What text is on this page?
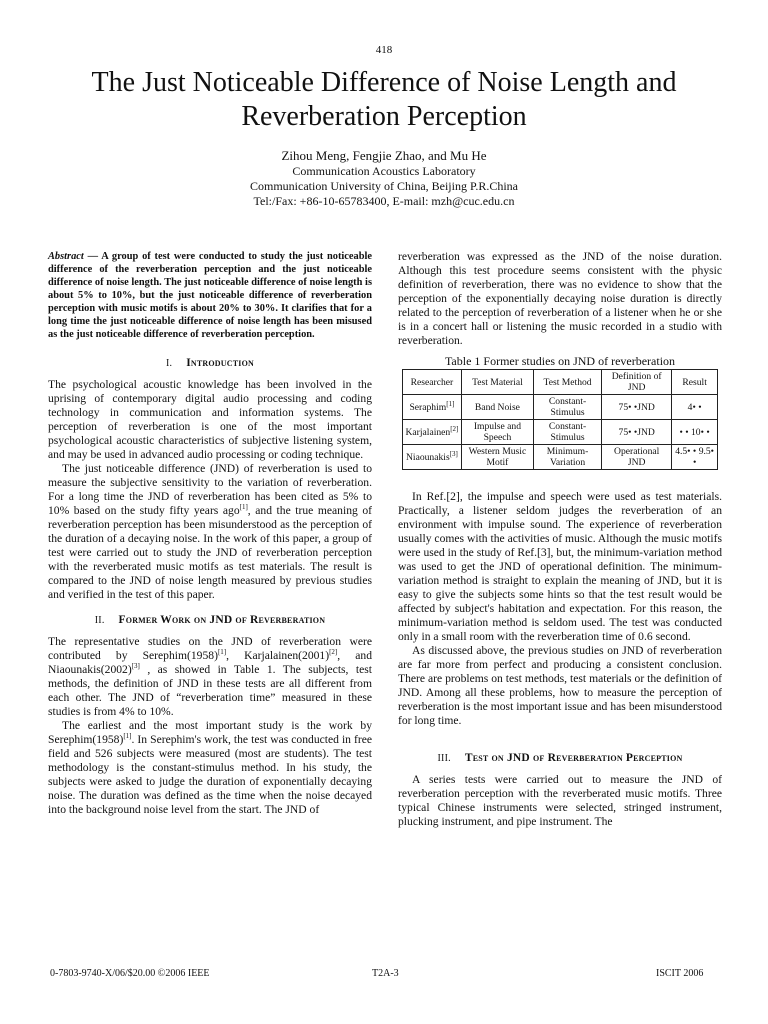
418
The Just Noticeable Difference of Noise Length and Reverberation Perception
Zihou Meng, Fengjie Zhao, and Mu He
Communication Acoustics Laboratory
Communication University of China, Beijing P.R.China
Tel:/Fax: +86-10-65783400, E-mail: mzh@cuc.edu.cn

Abstract — A group of test were conducted to study the just noticeable difference of the reverberation perception and the just noticeable difference of noise length. The just noticeable difference of noise length is about 5% to 10%, but the just noticeable difference of reverberation perception with music motifs is about 20% to 30%. It clarifies that for a long time the just noticeable difference of noise length has been misused as the just noticeable difference of reverberation perception.

I. Introduction

The psychological acoustic knowledge has been involved in the uprising of contemporary digital audio processing and coding technology in communication and information systems. The perception of reverberation is one of the most important psychological acoustic characteristics of subjective listening system, and may be used in advanced audio processing or coding technique.

The just noticeable difference (JND) of reverberation is used to measure the subjective sensitivity to the variation of reverberation. For a long time the JND of reverberation has been cited as 5% to 10% based on the study fifty years ago[1], and the true meaning of reverberation perception has been misunderstood as the perception of the duration of a decaying noise. In the work of this paper, a group of test were carried out to study the JND of reverberation perception with the reverberated music motifs as test materials. The result is compared to the JND of noise length measured by previous studies and verified in the test of this paper.

II. Former Work on JND of Reverberation

The representative studies on the JND of reverberation were contributed by Serephim(1958)[1], Karjalainen(2001)[2], and Niaounakis(2002)[3] , as showed in Table 1. The subjects, test methods, the definition of JND in these tests are all different from each other. The JND of “reverberation time” measured in these studies is from 4% to 10%.

The earliest and the most important study is the work by Serephim(1958)[1]. In Serephim's work, the test was conducted in free field and 526 subjects were measured (most are students). The test methodology is the constant-stimulus method. In his study, the subjects were asked to judge the duration of exponentially decaying noise. The duration was defined as the time when the noise decayed into the background noise level from the start. The JND of

reverberation was expressed as the JND of the noise duration. Although this test procedure seems consistent with the physic definition of reverberation, there was no evidence to show that the perception of the exponentially decaying noise duration is directly related to the perception of reverberation of a listener when he or she is in a concert hall or listening the music recorded in a studio with reverberation.

Table 1 Former studies on JND of reverberation
Researcher	Test Material	Test Method	Definition of JND	Result
Seraphim[1]	Band Noise	Constant-Stimulus	75• •JND	4• •
Karjalainen[2]	Impulse and Speech	Constant-Stimulus	75• •JND	• • 10• •
Niaounakis[3]	Western Music Motif	Minimum-Variation	Operational JND	4.5• • 9.5• •

In Ref.[2], the impulse and speech were used as test materials. Practically, a listener seldom judges the reverberation of an environment with impulse sound. The experience of reverberation usually comes with the activities of music. Although the music motifs were used in the study of Ref.[3], but, the minimum-variation method was used to get the JND of operational definition. The minimum-variation method is straight to explain the meaning of JND, but it is easy to give the subjects some hints so that the test result would be affected by subject's habitation and expectation. For this reason, the minimum-variation method is seldom used. The test was conducted only in a small room with the reverberation time of 0.6 second.

As discussed above, the previous studies on JND of reverberation are far more from perfect and producing a consistent conclusion. There are problems on test methods, test materials or the definition of JND. Among all these problems, how to measure the perception of reverberation is the most important issue and has been misunderstood for long time.

III. Test on JND of Reverberation Perception

A series tests were carried out to measure the JND of reverberation perception with the reverberated music motifs. Three typical Chinese instruments were selected, stringed instrument, plucking instrument, and pipe instrument. The

0-7803-9740-X/06/$20.00 ©2006 IEEE	T2A-3	ISCIT 2006
